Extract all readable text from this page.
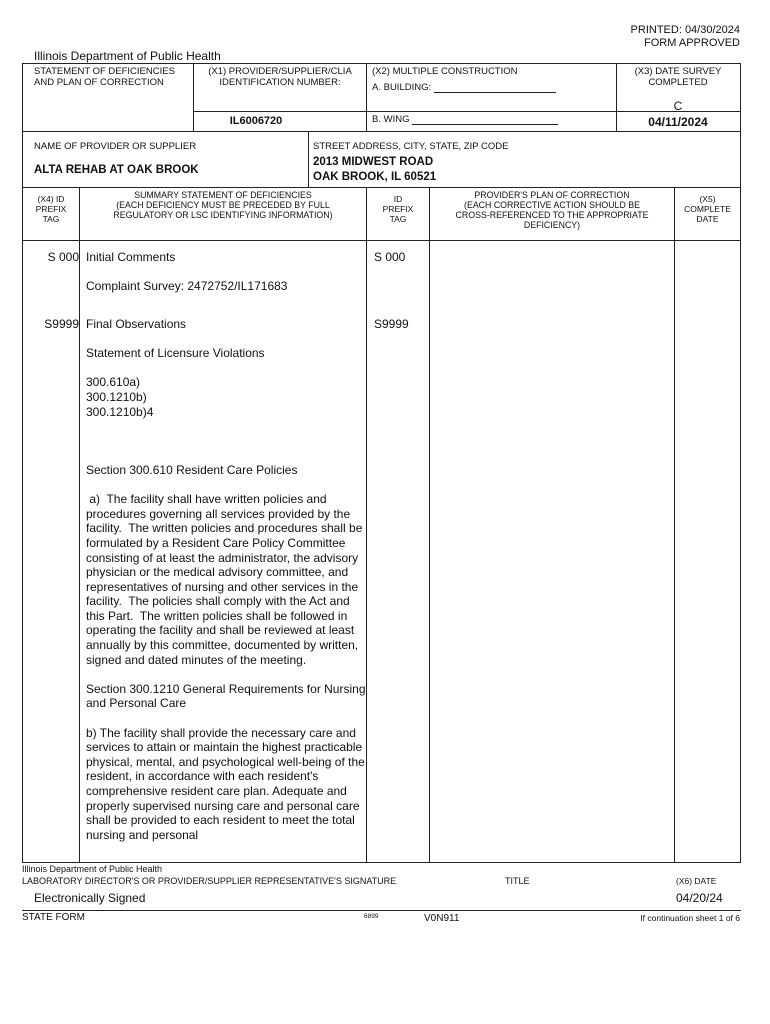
PRINTED: 04/30/2024
FORM APPROVED
Illinois Department of Public Health
STATEMENT OF DEFICIENCIES
AND PLAN OF CORRECTION
(X1) PROVIDER/SUPPLIER/CLIA
IDENTIFICATION NUMBER:
IL6006720
(X2) MULTIPLE CONSTRUCTION
A. BUILDING:
B. WING
(X3) DATE SURVEY
COMPLETED
C
04/11/2024
NAME OF PROVIDER OR SUPPLIER
ALTA REHAB AT OAK BROOK
STREET ADDRESS, CITY, STATE, ZIP CODE
2013 MIDWEST ROAD
OAK BROOK, IL 60521
(X4) ID
PREFIX
TAG
SUMMARY STATEMENT OF DEFICIENCIES
(EACH DEFICIENCY MUST BE PRECEDED BY FULL
REGULATORY OR LSC IDENTIFYING INFORMATION)
ID
PREFIX
TAG
PROVIDER'S PLAN OF CORRECTION
(EACH CORRECTIVE ACTION SHOULD BE
CROSS-REFERENCED TO THE APPROPRIATE
DEFICIENCY)
(X5)
COMPLETE
DATE
S 000	S 000

Initial Comments

Complaint Survey: 2472752/IL171683

S9999	S9999

Final Observations

Statement of Licensure Violations

300.610a)
300.1210b)
300.1210b)4

Section 300.610 Resident Care Policies

a)  The facility shall have written policies and procedures governing all services provided by the facility.  The written policies and procedures shall be formulated by a Resident Care Policy Committee consisting of at least the administrator, the advisory physician or the medical advisory committee, and representatives of nursing and other services in the facility.  The policies shall comply with the Act and this Part.  The written policies shall be followed in operating the facility and shall be reviewed at least annually by this committee, documented by written, signed and dated minutes of the meeting.

Section 300.1210 General Requirements for Nursing and Personal Care

b) The facility shall provide the necessary care and services to attain or maintain the highest practicable physical, mental, and psychological well-being of the resident, in accordance with each resident's comprehensive resident care plan. Adequate and properly supervised nursing care and personal care shall be provided to each resident to meet the total nursing and personal

Illinois Department of Public Health
LABORATORY DIRECTOR'S OR PROVIDER/SUPPLIER REPRESENTATIVE'S SIGNATURE	TITLE	(X6) DATE
Electronically Signed	04/20/24
STATE FORM	6899	V0N911	If continuation sheet 1 of 6
